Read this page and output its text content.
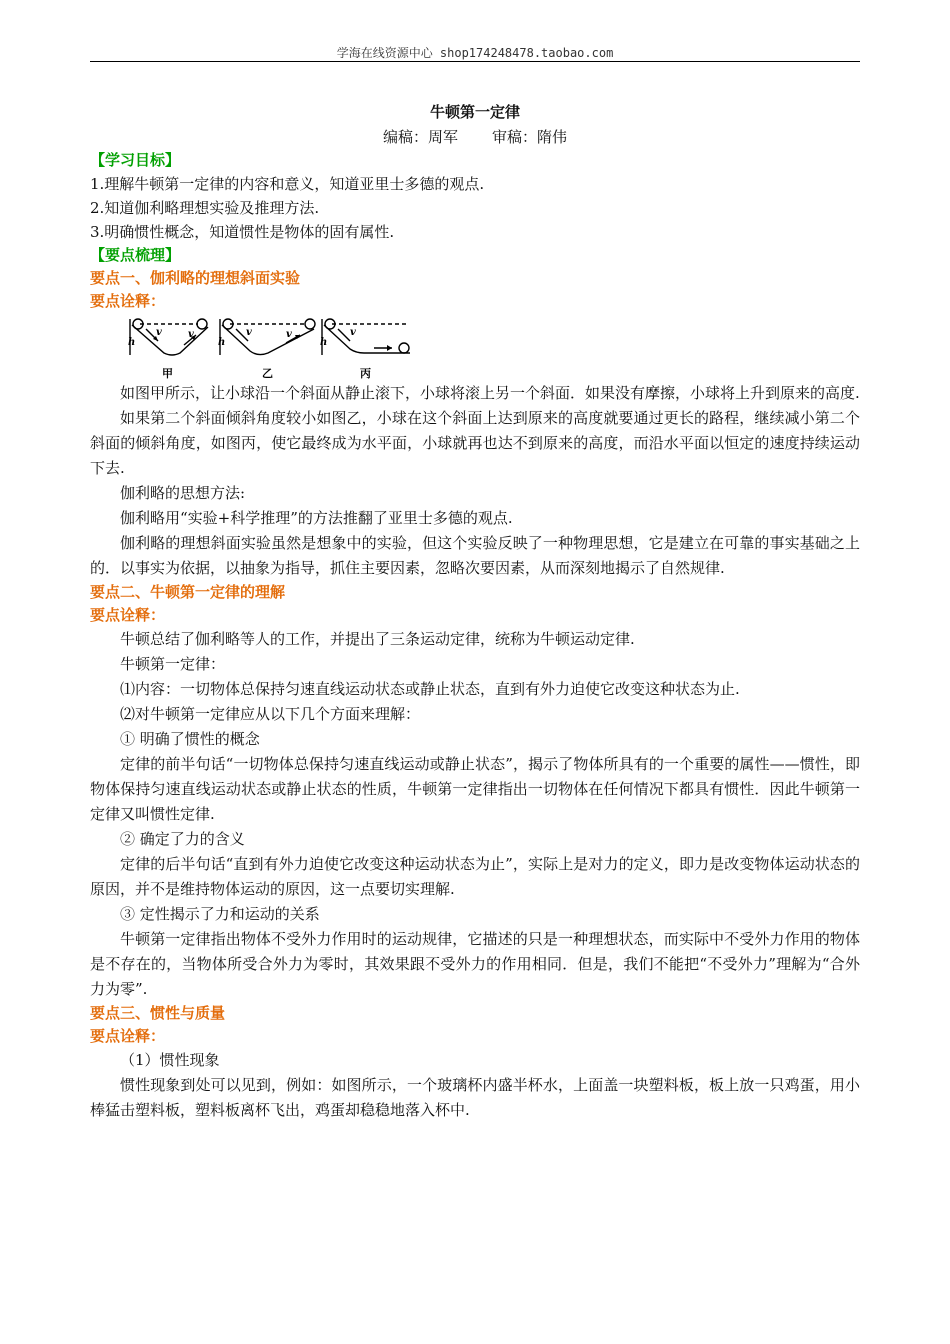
学海在线资源中心 shop174248478.taobao.com
牛顿第一定律
编稿：周军 审稿：隋伟
【学习目标】

1.理解牛顿第一定律的内容和意义，知道亚里士多德的观点.

2.知道伽利略理想实验及推理方法.

3.明确惯性概念，知道惯性是物体的固有属性.

【要点梳理】
要点一、伽利略的理想斜面实验
要点诠释：
h	h	h
v	v	v	v	v
甲	乙	丙

如图甲所示，让小球沿一个斜面从静止滚下，小球将滚上另一个斜面．如果没有摩擦，小球将上升到原来的高度.

如果第二个斜面倾斜角度较小如图乙，小球在这个斜面上达到原来的高度就要通过更长的路程，继续减小第二个斜面的倾斜角度，如图丙，使它最终成为水平面，小球就再也达不到原来的高度，而沿水平面以恒定的速度持续运动下去.

伽利略的思想方法:

伽利略用“实验+科学推理”的方法推翻了亚里士多德的观点.

伽利略的理想斜面实验虽然是想象中的实验，但这个实验反映了一种物理思想，它是建立在可靠的事实基础之上的．以事实为依据，以抽象为指导，抓住主要因素，忽略次要因素，从而深刻地揭示了自然规律.

要点二、牛顿第一定律的理解
要点诠释：

牛顿总结了伽利略等人的工作，并提出了三条运动定律，统称为牛顿运动定律.

牛顿第一定律：

⑴内容：一切物体总保持匀速直线运动状态或静止状态，直到有外力迫使它改变这种状态为止.

⑵对牛顿第一定律应从以下几个方面来理解：

① 明确了惯性的概念

定律的前半句话“一切物体总保持匀速直线运动或静止状态”，揭示了物体所具有的一个重要的属性——惯性，即物体保持匀速直线运动状态或静止状态的性质，牛顿第一定律指出一切物体在任何情况下都具有惯性．因此牛顿第一定律又叫惯性定律.

② 确定了力的含义

定律的后半句话“直到有外力迫使它改变这种运动状态为止”，实际上是对力的定义，即力是改变物体运动状态的原因，并不是维持物体运动的原因，这一点要切实理解.

③ 定性揭示了力和运动的关系

牛顿第一定律指出物体不受外力作用时的运动规律，它描述的只是一种理想状态，而实际中不受外力作用的物体是不存在的，当物体所受合外力为零时，其效果跟不受外力的作用相同．但是，我们不能把“不受外力”理解为“合外力为零”.

要点三、惯性与质量
要点诠释：

（1）惯性现象

惯性现象到处可以见到，例如：如图所示，一个玻璃杯内盛半杯水，上面盖一块塑料板，板上放一只鸡蛋，用小棒猛击塑料板，塑料板离杯飞出，鸡蛋却稳稳地落入杯中.
